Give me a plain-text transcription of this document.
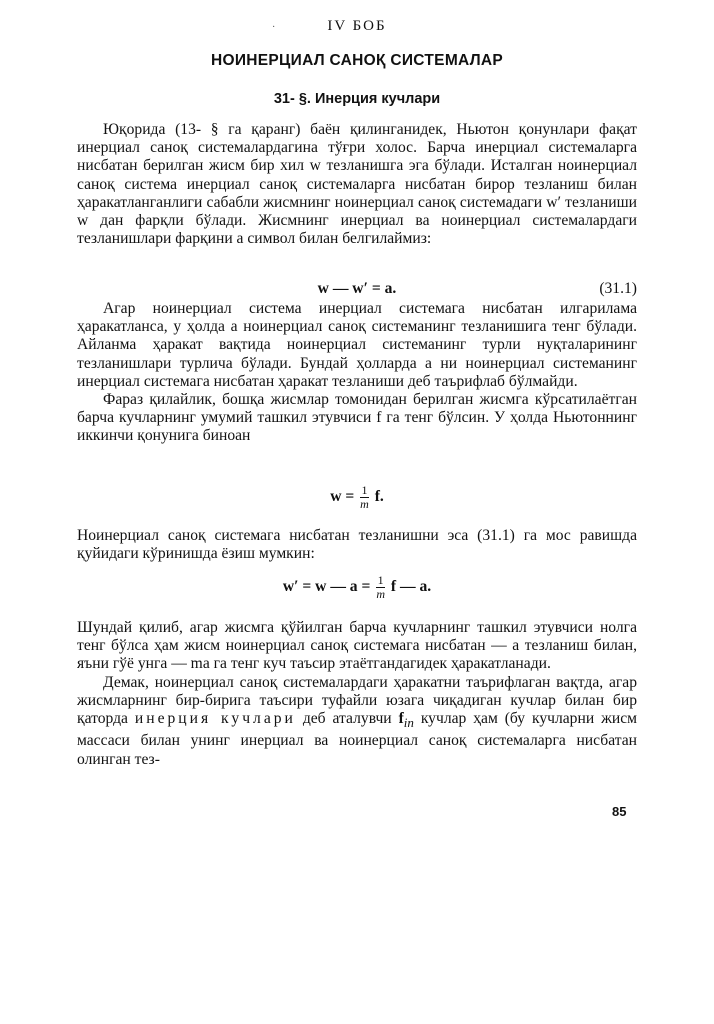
·	IV БОБ
НОИНЕРЦИАЛ САНОҚ СИСТЕМАЛАР
31- §. Инерция кучлари

Юқорида (13- § га қаранг) баён қилинганидек, Ньютон қонунлари фақат инерциал саноқ системалардагина тўғри холос. Барча инерциал системаларга нисбатан берилган жисм бир хил w тезланишга эга бўлади. Исталган ноинерциал саноқ система инерциал саноқ системаларга нисбатан бирор тезланиш билан ҳаракатланганлиги сабабли жисмнинг ноинерциал саноқ системадаги w′ тезланиши w дан фарқли бўлади. Жисмнинг инерциал ва ноинерциал системалардаги тезланишлари фарқини a символ билан белгилаймиз:

w — w′ = a.	(31.1)

Агар ноинерциал система инерциал системага нисбатан илгарилама ҳаракатланса, у ҳолда a ноинерциал саноқ системанинг тезланишига тенг бўлади. Айланма ҳаракат вақтида ноинерциал системанинг турли нуқталарининг тезланишлари турлича бўлади. Бундай ҳолларда a ни ноинерциал системанинг инерциал системага нисбатан ҳаракат тезланиши деб таърифлаб бўлмайди.

Фараз қилайлик, бошқа жисмлар томонидан берилган жисмга кўрсатилаётган барча кучларнинг умумий ташкил этувчиси f га тенг бўлсин. У ҳолда Ньютоннинг иккинчи қонунига биноан

$w = \frac{1}{m} f$.

Ноинерциал саноқ системага нисбатан тезланишни эса (31.1) га мос равишда қуйидаги кўринишда ёзиш мумкин:

w′ = w — $a = \frac{1}{m}$ f — a.

Шундай қилиб, агар жисмга қўйилган барча кучларнинг ташкил этувчиси нолга тенг бўлса ҳам жисм ноинерциал саноқ системага нисбатан — a тезланиш билан, яъни гўё унга — ma га тенг куч таъсир этаётгандагидек ҳаракатланади.

Демак, ноинерциал саноқ системалардаги ҳаракатни таърифлаган вақтда, агар жисмларнинг бир-бирига таъсири туфайли юзага чиқадиган кучлар билан бир қаторда инерция кучлари деб аталувчи $f_{in}$ кучлар ҳам (бу кучларни жисм массаси билан унинг инерциал ва ноинерциал саноқ системаларга нисбатан олинган тез-

85
